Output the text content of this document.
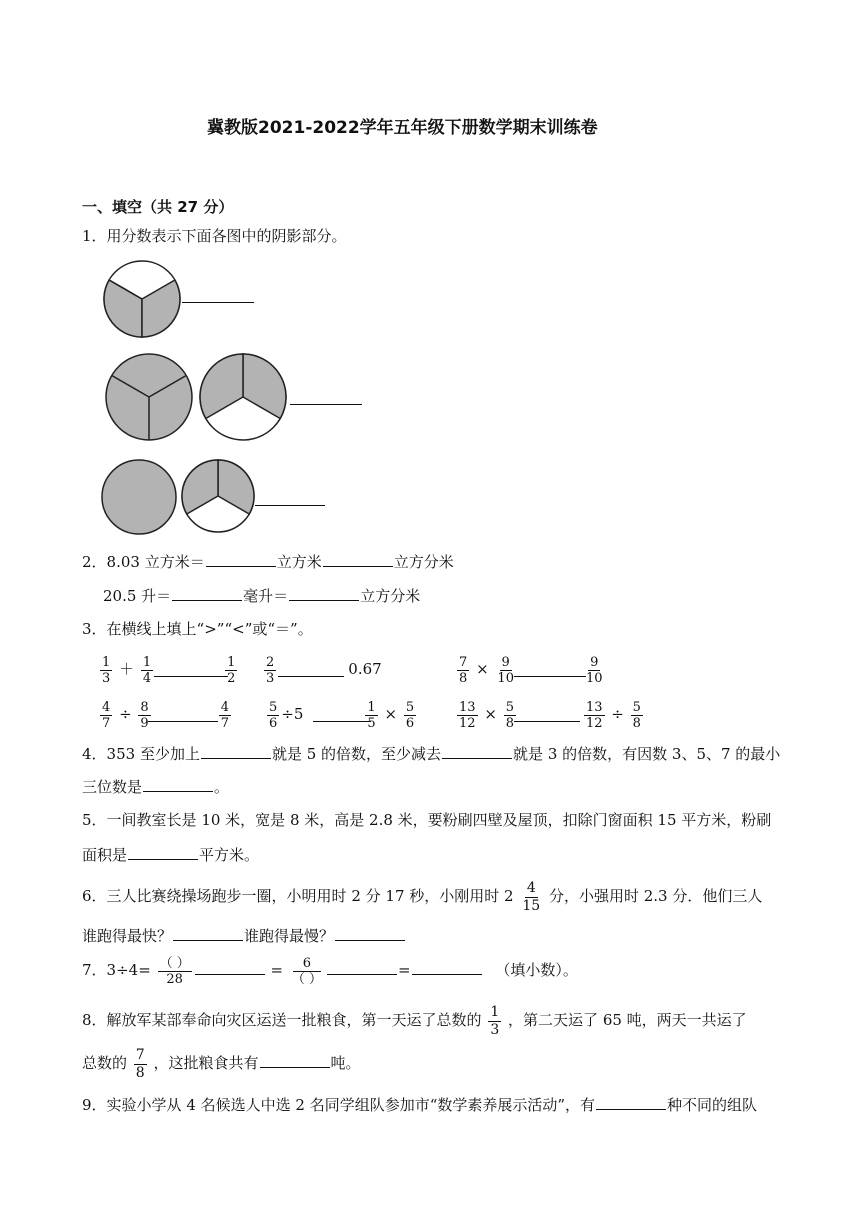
冀教版2021-2022学年五年级下册数学期末训练卷
一、填空（共 27 分）
1．用分数表示下面各图中的阴影部分。
2．8.03 立方米＝	立方米	立方分米
20.5 升＝	毫升＝	立方分米
3．在横线上填上“>”“<”或“＝”。
$\frac{1}{3} + \frac{1}{4}$	$\frac{1}{2} \frac{2}{3}$	0.67	$\frac{7}{8} \times \frac{9}{10}$	$\frac{9}{10}$
$\frac{4}{7} \div \frac{8}{9}$	$\frac{4}{7}$	$\frac{5}{6} \div 5$	$\frac{1}{5} \times \frac{5}{6}$	$\frac{13}{12} \times \frac{5}{8}$	$\frac{13}{12} \div \frac{5}{8}$
4．353 至少加上	就是 5 的倍数，至少减去	就是 3 的倍数，有因数 3、5、7 的最小
三位数是	。
5．一间教室长是 10 米，宽是 8 米，高是 2.8 米，要粉刷四壁及屋顶，扣除门窗面积 15 平方米，粉刷
面积是	平方米。
6．三人比赛绕操场跑步一圈，小明用时 2 分 17 秒，小刚用时 $2 \frac{4}{15}$ 分，小强用时 2.3 分．他们三人
谁跑得最快？	谁跑得最慢？
7．$3\div 4= \frac{( )}{28}$	= $\frac{6}{( )}$	=	（填小数）。
8．解放军某部奉命向灾区运送一批粮食，第一天运了总数的 $\frac{1}{3}$ ，第二天运了 65 吨，两天一共运了
总数的 $\frac{7}{8}$ ，这批粮食共有	吨。
9．实验小学从 4 名候选人中选 2 名同学组队参加市“数学素养展示活动”，有	种不同的组队
